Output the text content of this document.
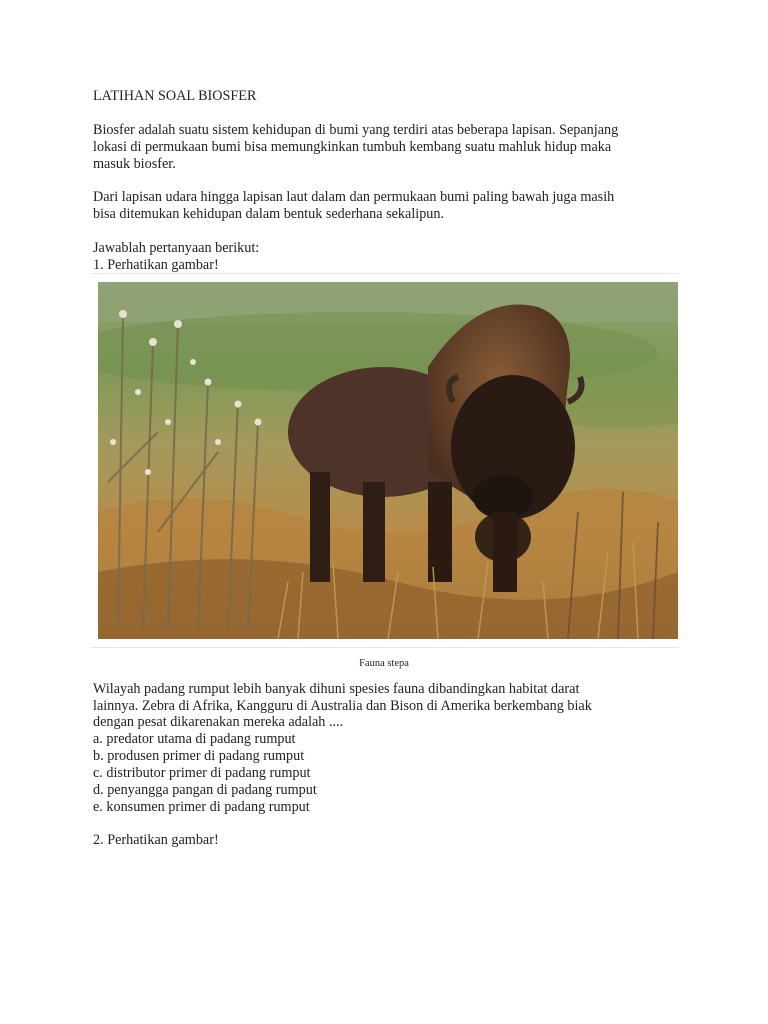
LATIHAN SOAL BIOSFER
Biosfer adalah suatu sistem kehidupan di bumi yang terdiri atas beberapa lapisan. Sepanjang
lokasi di permukaan bumi bisa memungkinkan tumbuh kembang suatu mahluk hidup maka
masuk biosfer.
Dari lapisan udara hingga lapisan laut dalam dan permukaan bumi paling bawah juga masih
bisa ditemukan kehidupan dalam bentuk sederhana sekalipun.
Jawablah pertanyaan berikut:
1. Perhatikan gambar!
Fauna stepa
Wilayah padang rumput lebih banyak dihuni spesies fauna dibandingkan habitat darat
lainnya. Zebra di Afrika, Kangguru di Australia dan Bison di Amerika berkembang biak
dengan pesat dikarenakan mereka adalah ....
a. predator utama di padang rumput
b. produsen primer di padang rumput
c. distributor primer di padang rumput
d. penyangga pangan di padang rumput
e. konsumen primer di padang rumput
2. Perhatikan gambar!
